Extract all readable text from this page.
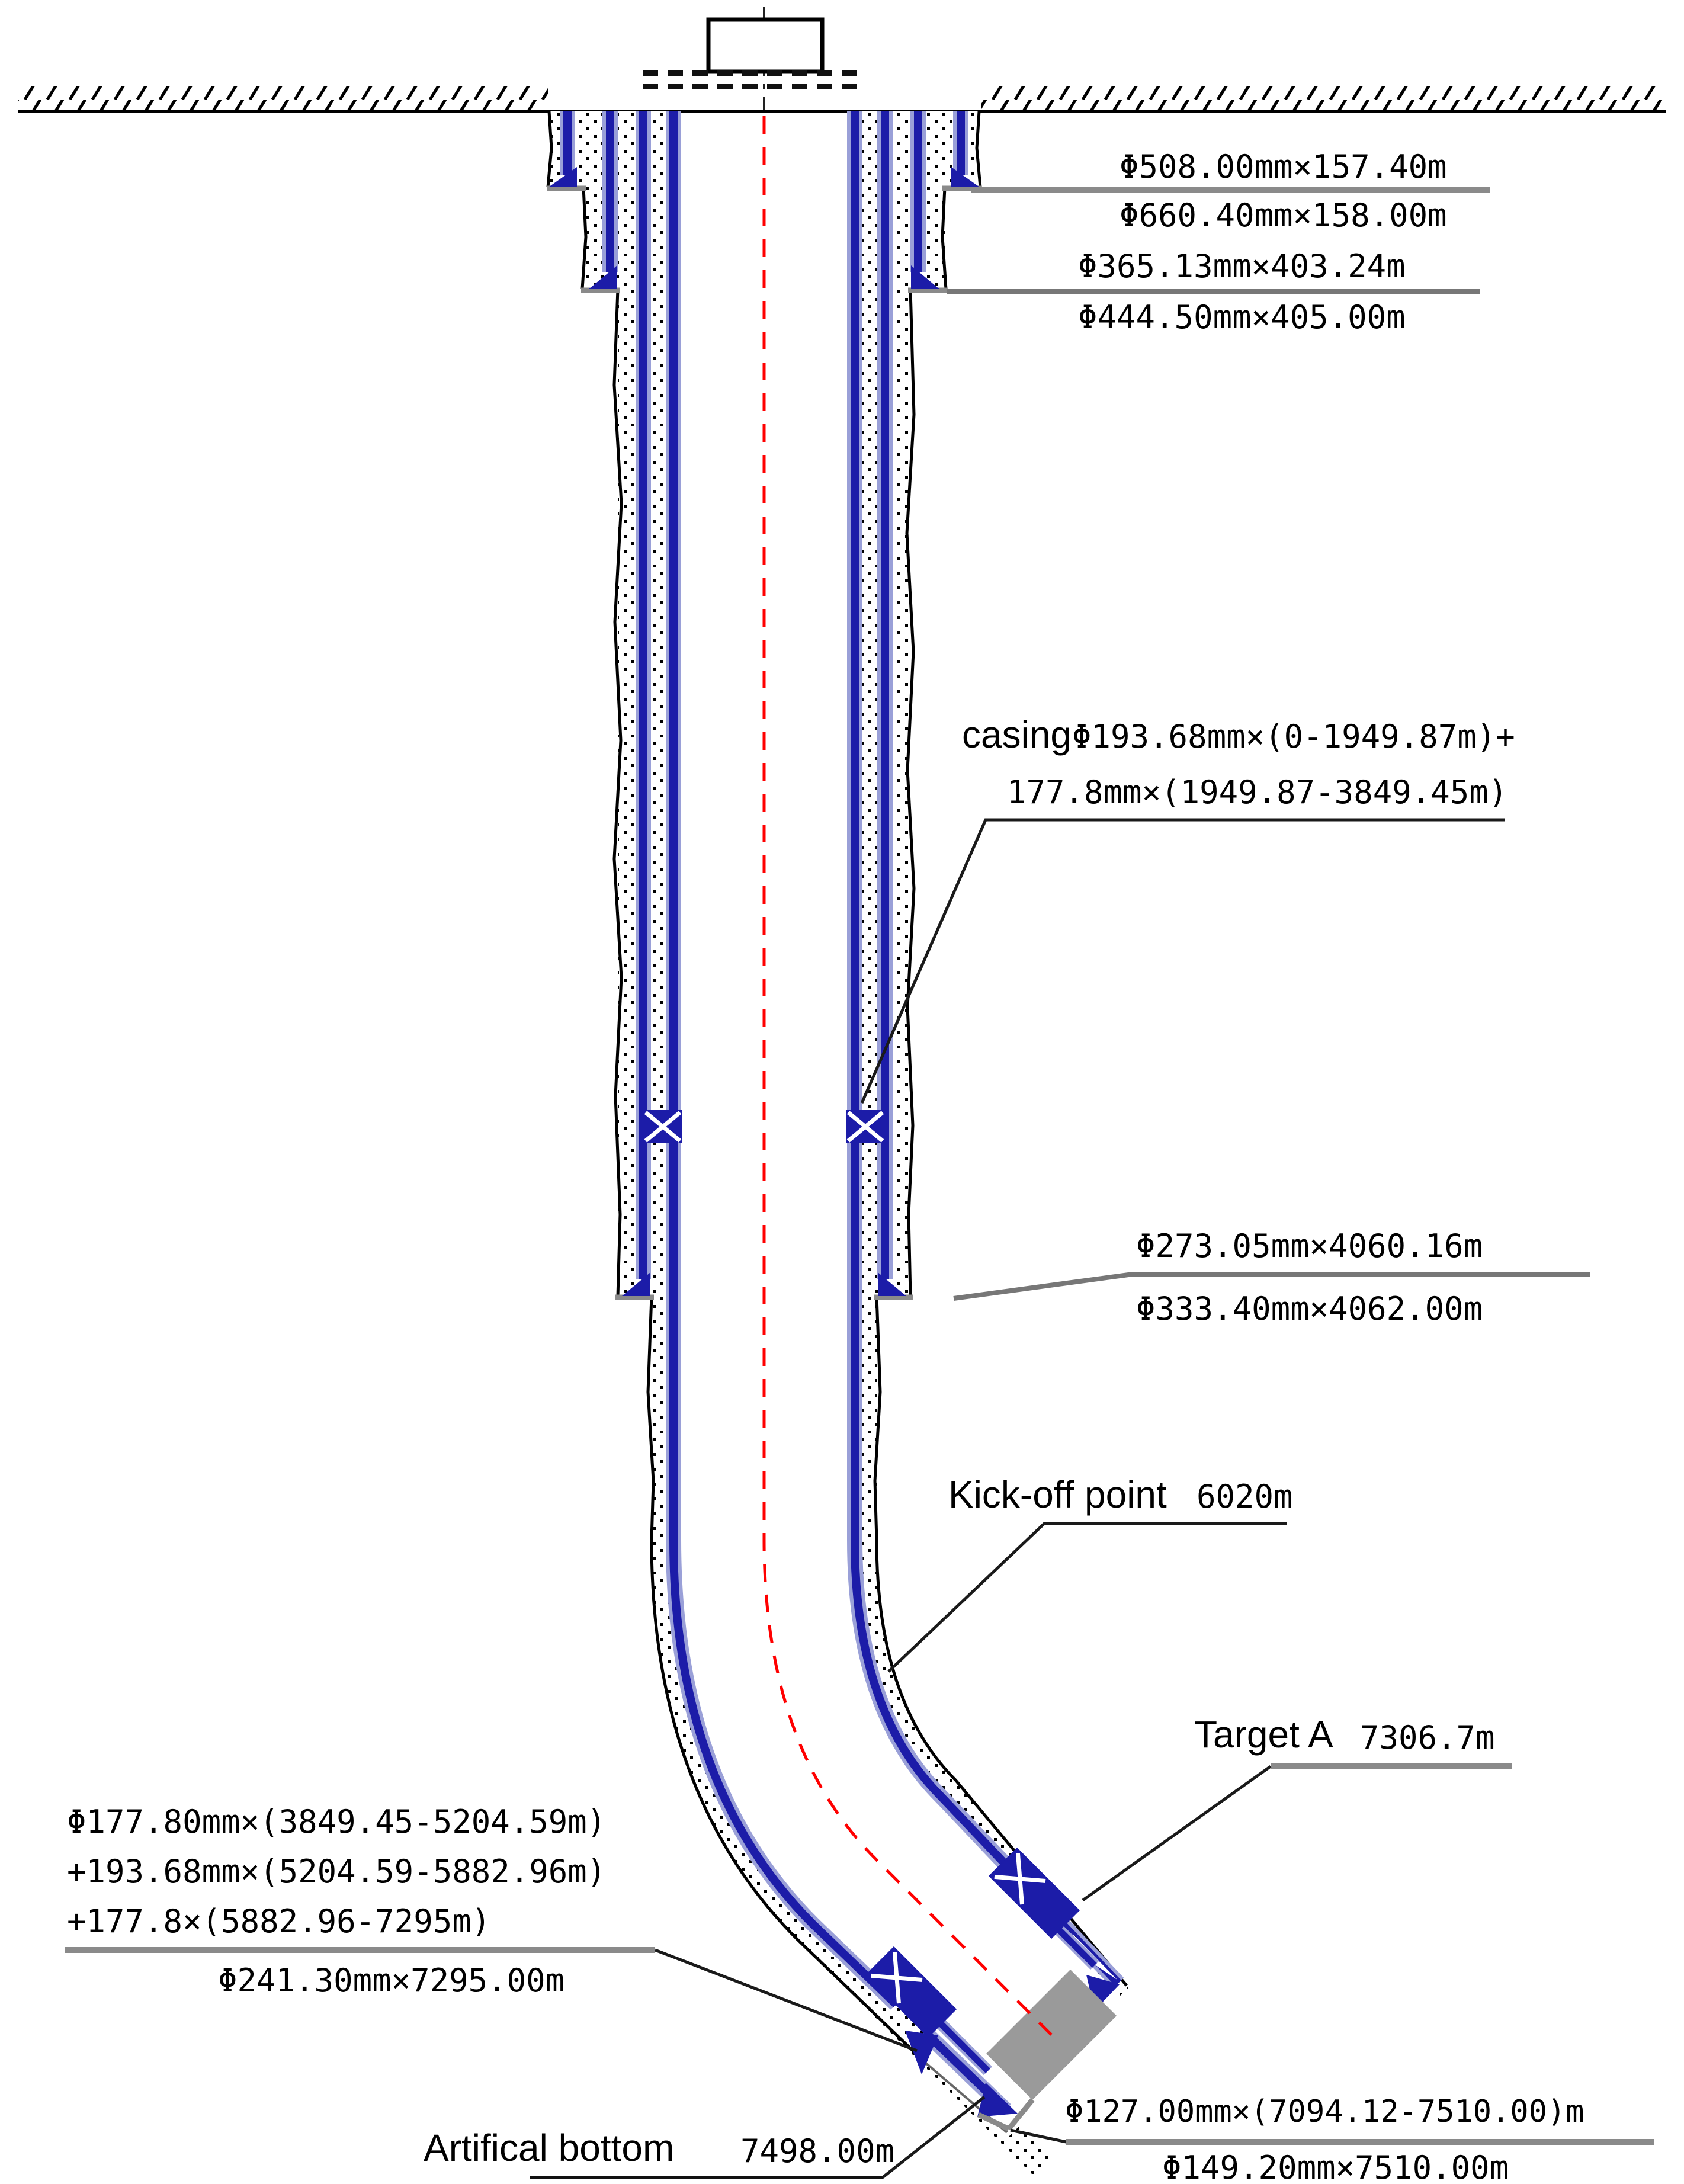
Φ508.00mm×157.40m
Φ660.40mm×158.00m
Φ365.13mm×403.24m
Φ444.50mm×405.00m
casing Φ193.68mm×(0-1949.87m)+
177.8mm×(1949.87-3849.45m)
Φ273.05mm×4060.16m
Φ333.40mm×4062.00m
Kick-off point 6020m
Target A 7306.7m
Φ177.80mm×(3849.45-5204.59m)
+193.68mm×(5204.59-5882.96m)
+177.8×(5882.96-7295m)
Φ241.30mm×7295.00m
Artifical bottom 7498.00m
Φ127.00mm×(7094.12-7510.00)m
Φ149.20mm×7510.00m
